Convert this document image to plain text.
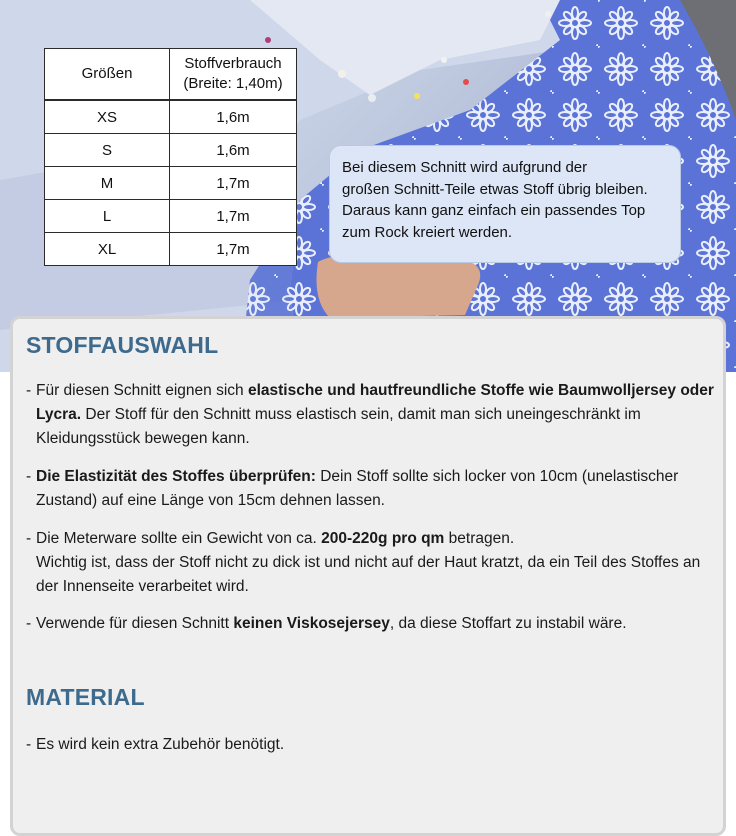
Größen	Stoffverbrauch
(Breite: 1,40m)
XS	1,6m
S	1,6m
M	1,7m
L	1,7m
XL	1,7m
Bei diesem Schnitt wird aufgrund der
großen Schnitt-Teile etwas Stoff übrig bleiben.
Daraus kann ganz einfach ein passendes Top
zum Rock kreiert werden.
STOFFAUSWAHL

- Für diesen Schnitt eignen sich elastische und hautfreundliche Stoffe wie Baumwolljersey oder Lycra. Der Stoff für den Schnitt muss elastisch sein, damit man sich uneingeschränkt im Kleidungsstück bewegen kann.

- Die Elastizität des Stoffes überprüfen: Dein Stoff sollte sich locker von 10cm (unelastischer Zustand) auf eine Länge von 15cm dehnen lassen.

- Die Meterware sollte ein Gewicht von ca. 200-220g pro qm betragen.
Wichtig ist, dass der Stoff nicht zu dick ist und nicht auf der Haut kratzt, da ein Teil des Stoffes an der Innenseite verarbeitet wird.

- Verwende für diesen Schnitt keinen Viskosejersey, da diese Stoffart zu instabil wäre.

MATERIAL

- Es wird kein extra Zubehör benötigt.
